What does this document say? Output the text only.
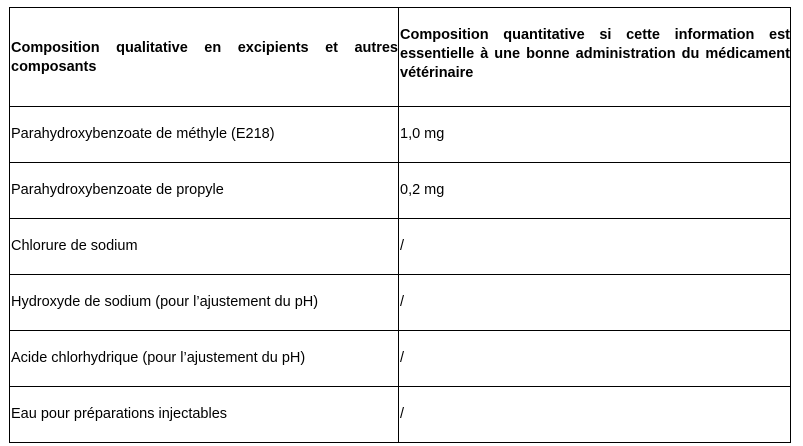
Composition qualitative en excipients et autres composants	Composition quantitative si cette information est essentielle à une bonne administration du médicament vétérinaire
Parahydroxybenzoate de méthyle (E218)	1,0 mg
Parahydroxybenzoate de propyle	0,2 mg
Chlorure de sodium	/
Hydroxyde de sodium (pour l’ajustement du pH)	/
Acide chlorhydrique (pour l’ajustement du pH)	/
Eau pour préparations injectables	/
